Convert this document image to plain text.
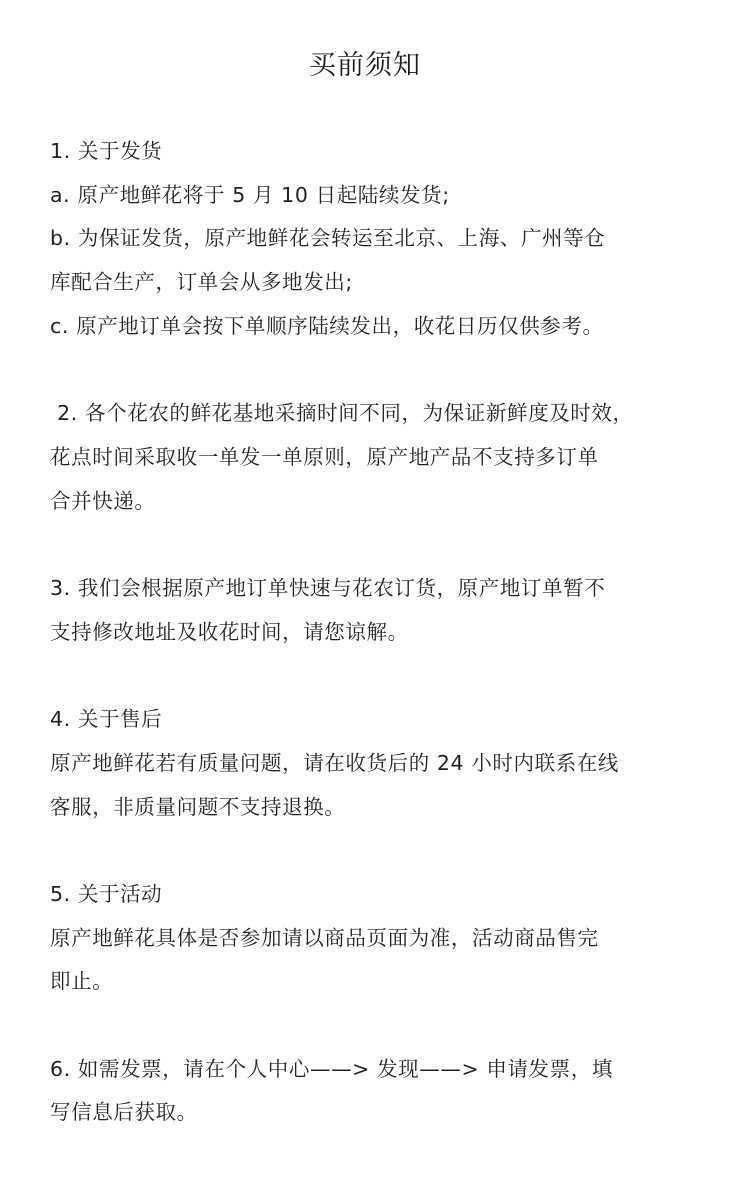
买前须知
1. 关于发货
a. 原产地鲜花将于 5 月 10 日起陆续发货;
b. 为保证发货，原产地鲜花会转运至北京、上海、广州等仓
库配合生产，订单会从多地发出;
c. 原产地订单会按下单顺序陆续发出，收花日历仅供参考。
2. 各个花农的鲜花基地采摘时间不同，为保证新鲜度及时效，
花点时间采取收一单发一单原则，原产地产品不支持多订单
合并快递。
3. 我们会根据原产地订单快速与花农订货，原产地订单暂不
支持修改地址及收花时间，请您谅解。
4. 关于售后
原产地鲜花若有质量问题，请在收货后的 24 小时内联系在线
客服，非质量问题不支持退换。
5. 关于活动
原产地鲜花具体是否参加请以商品页面为准，活动商品售完
即止。
6. 如需发票，请在个人中心——> 发现——> 申请发票，填
写信息后获取。
